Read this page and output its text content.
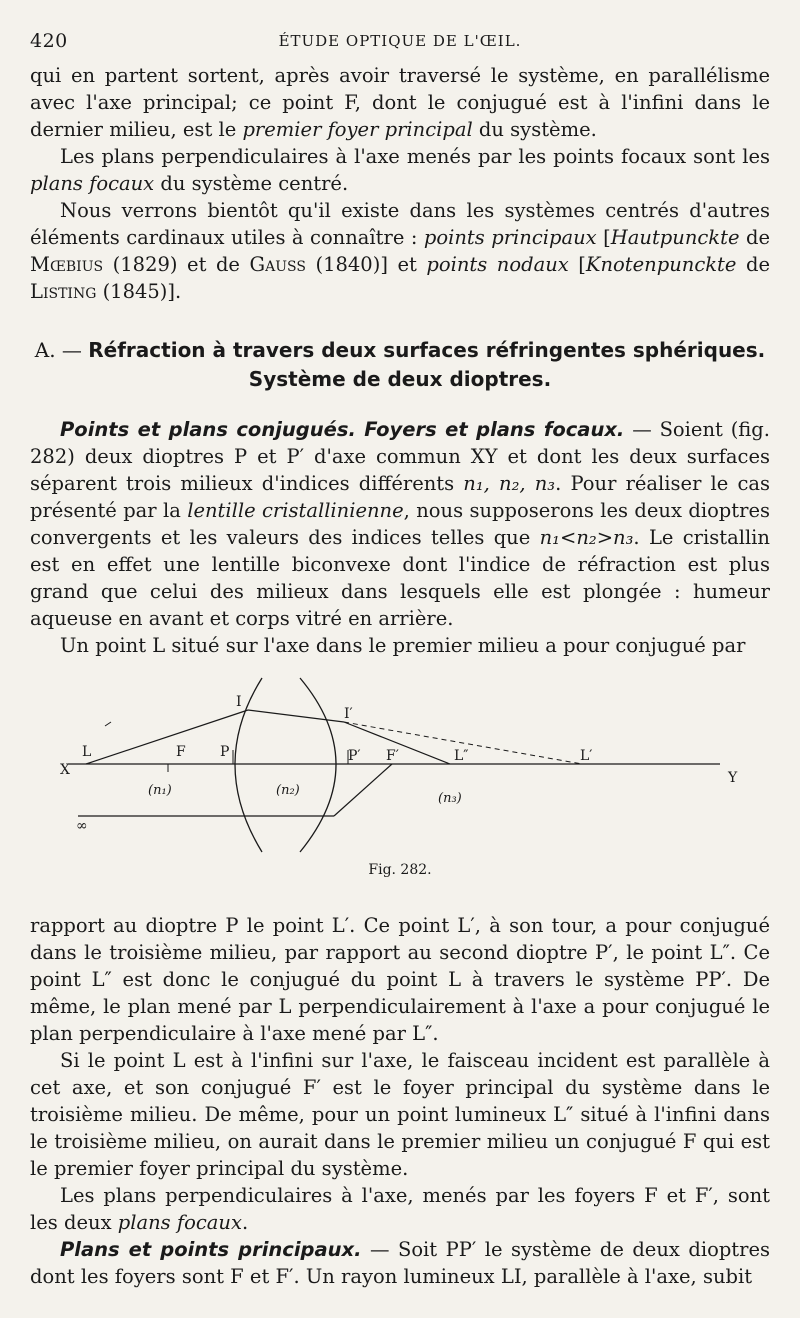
420	ÉTUDE OPTIQUE DE L'ŒIL.

qui en partent sortent, après avoir traversé le système, en parallélisme avec l'axe principal; ce point F, dont le conjugué est à l'infini dans le dernier milieu, est le premier foyer principal du système.

Les plans perpendiculaires à l'axe menés par les points focaux sont les plans focaux du système centré.

Nous verrons bientôt qu'il existe dans les systèmes centrés d'autres éléments cardinaux utiles à connaître : points principaux [Hautpunckte de Mœbius (1829) et de Gauss (1840)] et points nodaux [Knotenpunckte de Listing (1845)].

A. — Réfraction à travers deux surfaces réfringentes sphériques.
Système de deux dioptres.

Points et plans conjugués. Foyers et plans focaux. — Soient (fig. 282) deux dioptres P et P′ d'axe commun XY et dont les deux surfaces séparent trois milieux d'indices différents n₁, n₂, n₃. Pour réaliser le cas présenté par la lentille cristallinienne, nous supposerons les deux dioptres convergents et les valeurs des indices telles que n₁<n₂>n₃. Le cristallin est en effet une lentille biconvexe dont l'indice de réfraction est plus grand que celui des milieux dans lesquels elle est plongée : humeur aqueuse en avant et corps vitré en arrière.

Un point L situé sur l'axe dans le premier milieu a pour conjugué par

X	Y
L	F P
I
I′
P′ F′	L″	L′
∞
(n₁)	(n₂)
(n₃)
Fig. 282.

rapport au dioptre P le point L′. Ce point L′, à son tour, a pour conjugué dans le troisième milieu, par rapport au second dioptre P′, le point L″. Ce point L″ est donc le conjugué du point L à travers le système PP′. De même, le plan mené par L perpendiculairement à l'axe a pour conjugué le plan perpendiculaire à l'axe mené par L″.

Si le point L est à l'infini sur l'axe, le faisceau incident est parallèle à cet axe, et son conjugué F′ est le foyer principal du système dans le troisième milieu. De même, pour un point lumineux L″ situé à l'infini dans le troisième milieu, on aurait dans le premier milieu un conjugué F qui est le premier foyer principal du système.

Les plans perpendiculaires à l'axe, menés par les foyers F et F′, sont les deux plans focaux.

Plans et points principaux. — Soit PP′ le système de deux dioptres dont les foyers sont F et F′. Un rayon lumineux LI, parallèle à l'axe, subit
